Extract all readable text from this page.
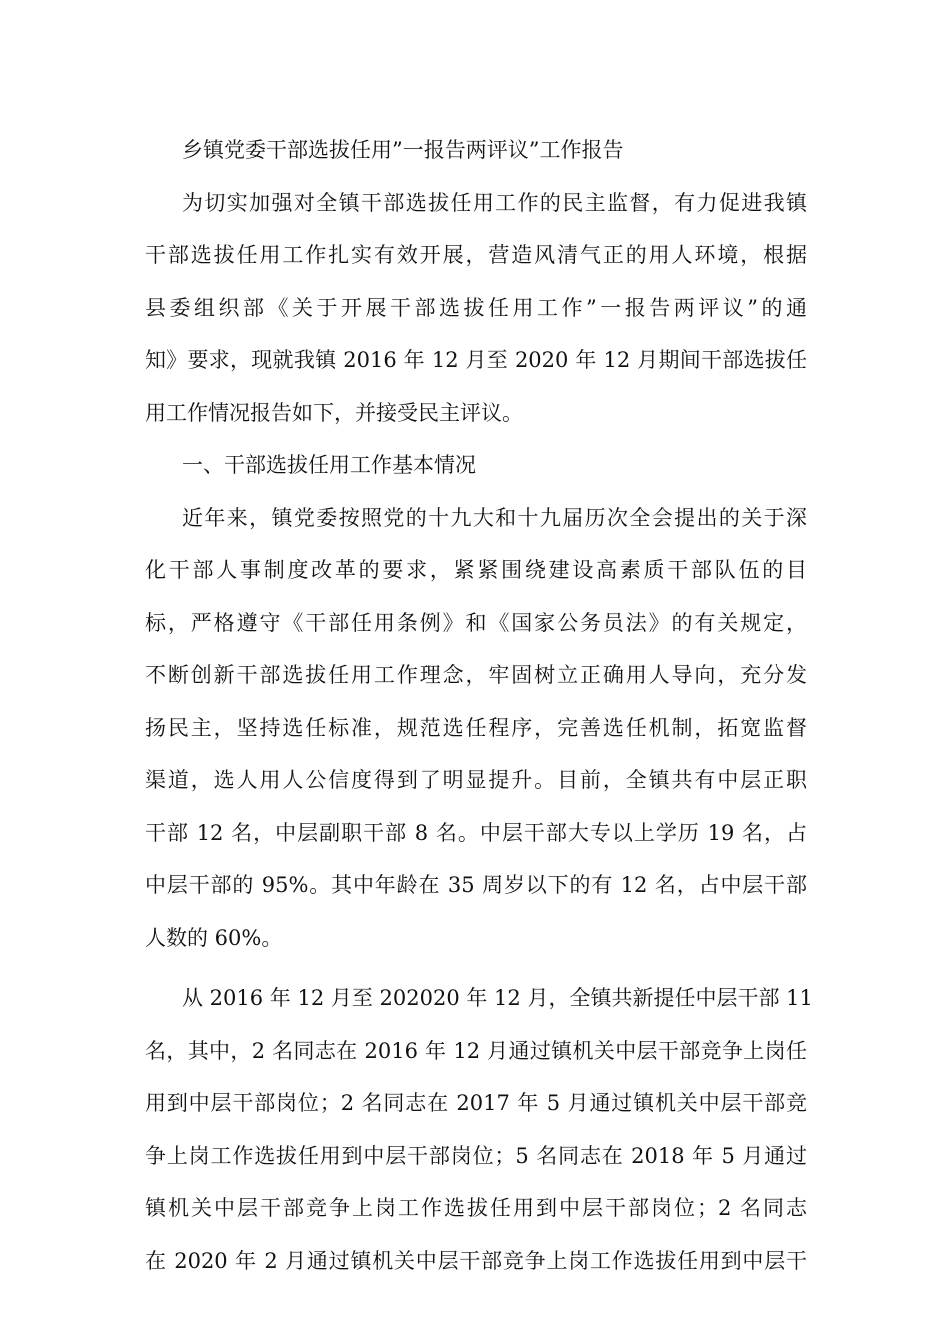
乡镇党委干部选拔任用”一报告两评议”工作报告
为切实加强对全镇干部选拔任用工作的民主监督，有力促进我镇
干部选拔任用工作扎实有效开展，营造风清气正的用人环境，根据
县委组织部《关于开展干部选拔任用工作”一报告两评议”的通
知》要求，现就我镇 2016 年 12 月至 2020 年 12 月期间干部选拔任
用工作情况报告如下，并接受民主评议。
一、干部选拔任用工作基本情况
近年来，镇党委按照党的十九大和十九届历次全会提出的关于深
化干部人事制度改革的要求，紧紧围绕建设高素质干部队伍的目
标，严格遵守《干部任用条例》和《国家公务员法》的有关规定，
不断创新干部选拔任用工作理念，牢固树立正确用人导向，充分发
扬民主，坚持选任标准，规范选任程序，完善选任机制，拓宽监督
渠道，选人用人公信度得到了明显提升。目前，全镇共有中层正职
干部 12 名，中层副职干部 8 名。中层干部大专以上学历 19 名，占
中层干部的 95%。其中年龄在 35 周岁以下的有 12 名，占中层干部
人数的 60%。
从 2016 年 12 月至 202020 年 12 月，全镇共新提任中层干部 11
名，其中，2 名同志在 2016 年 12 月通过镇机关中层干部竞争上岗任
用到中层干部岗位；2 名同志在 2017 年 5 月通过镇机关中层干部竞
争上岗工作选拔任用到中层干部岗位；5 名同志在 2018 年 5 月通过
镇机关中层干部竞争上岗工作选拔任用到中层干部岗位；2 名同志
在 2020 年 2 月通过镇机关中层干部竞争上岗工作选拔任用到中层干
